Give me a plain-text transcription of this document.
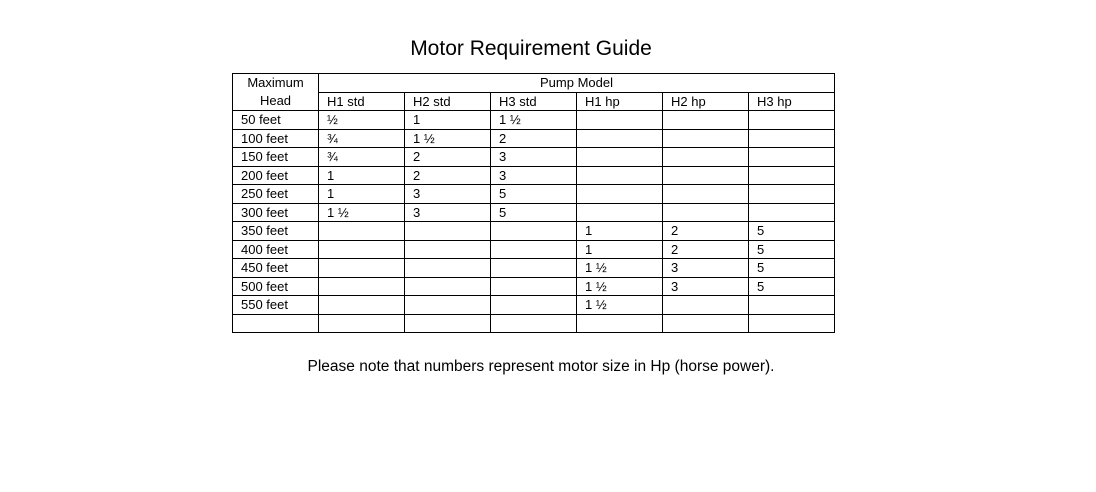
Motor Requirement Guide
Maximum
Head	Pump Model					
	H1 std	H2 std	H3 std	H1 hp	H2 hp	H3 hp
50 feet	½	1	1 ½			
100 feet	¾	1 ½	2			
150 feet	¾	2	3			
200 feet	1	2	3			
250 feet	1	3	5			
300 feet	1 ½	3	5			
350 feet				1	2	5
400 feet				1	2	5
450 feet				1 ½	3	5
500 feet				1 ½	3	5
550 feet				1 ½		

Please note that numbers represent motor size in Hp (horse power).
